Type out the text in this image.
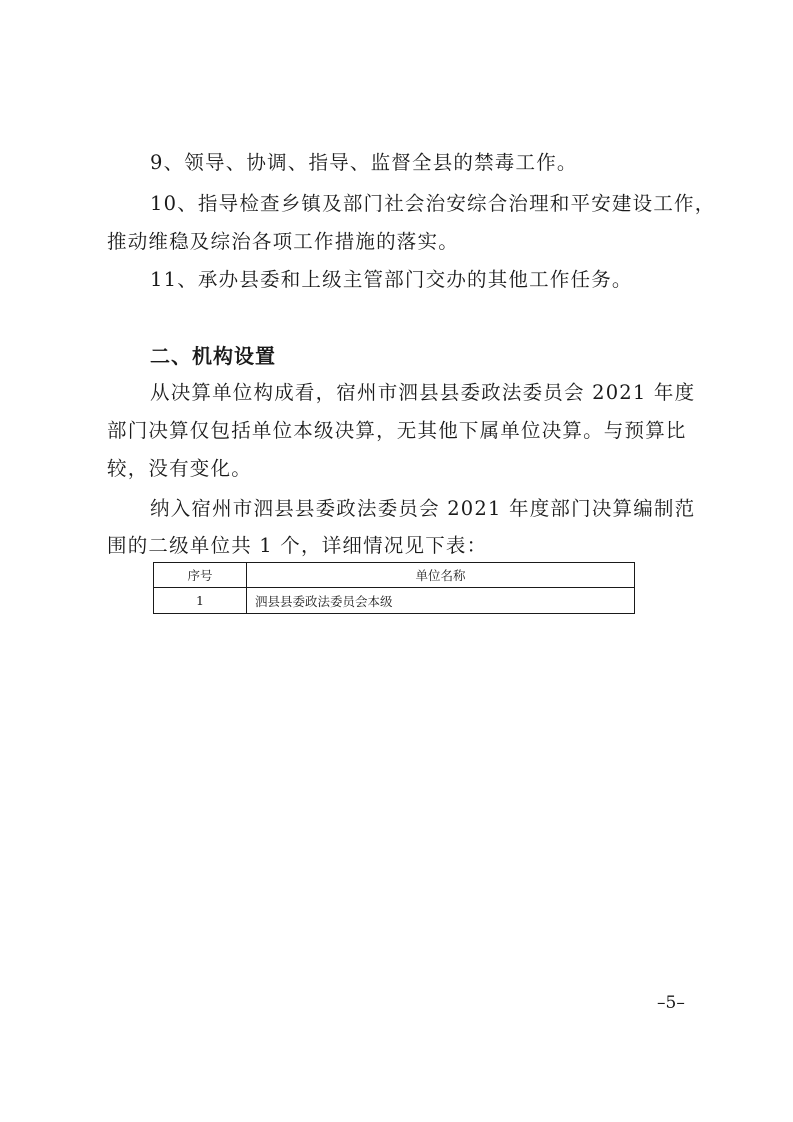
9、领导、协调、指导、监督全县的禁毒工作。
10、指导检查乡镇及部门社会治安综合治理和平安建设工作，
推动维稳及综治各项工作措施的落实。
11、承办县委和上级主管部门交办的其他工作任务。
二、机构设置
从决算单位构成看，宿州市泗县县委政法委员会 2021 年度
部门决算仅包括单位本级决算，无其他下属单位决算。与预算比
较，没有变化。
纳入宿州市泗县县委政法委员会 2021 年度部门决算编制范
围的二级单位共 1 个，详细情况见下表：
序号	单位名称
1	泗县县委政法委员会本级
–5–
